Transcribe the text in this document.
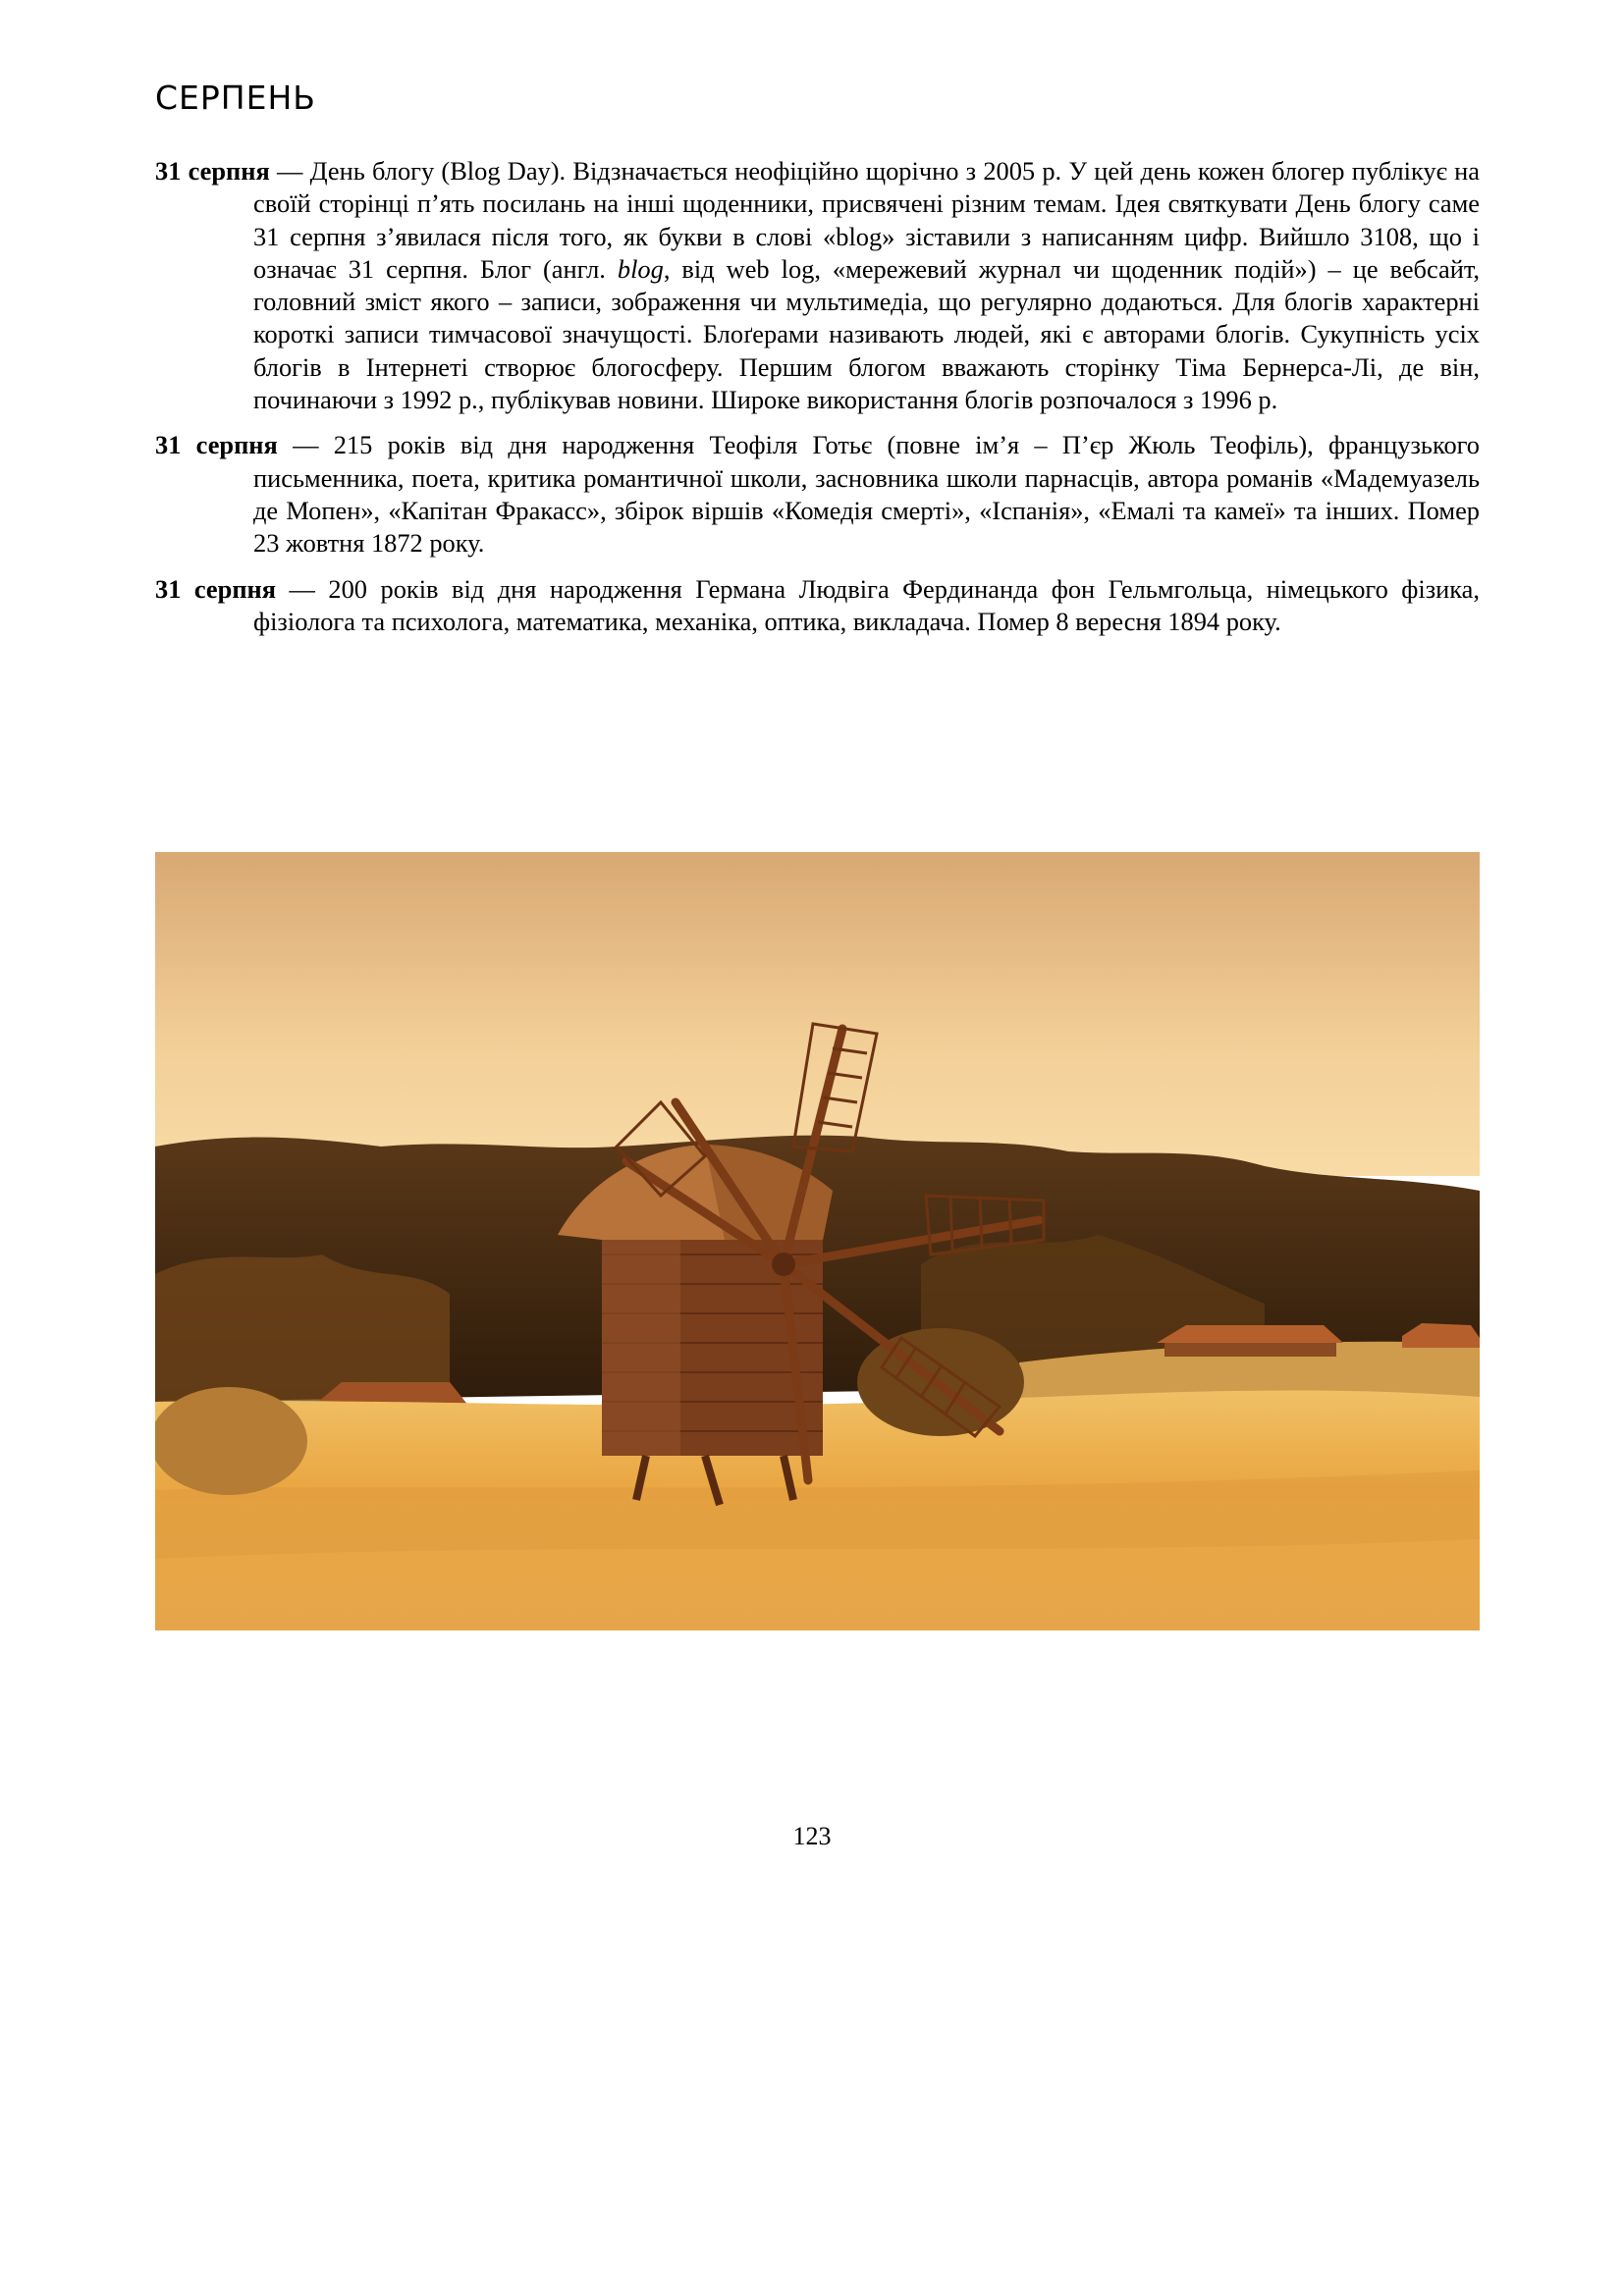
СЕРПЕНЬ

31 серпня — День блогу (Blog Day). Відзначається неофіційно щорічно з 2005 р. У цей день кожен блогер публікує на своїй сторінці п’ять посилань на інші щоденники, присвячені різним темам. Ідея святкувати День блогу саме 31 серпня з’явилася після того, як букви в слові «blog» зіставили з написанням цифр. Вийшло 3108, що і означає 31 серпня. Блог (англ. blog, від web log, «мережевий журнал чи щоденник подій») – це вебсайт, головний зміст якого – записи, зображення чи мультимедіа, що регулярно додаються. Для блогів характерні короткі записи тимчасової значущості. Блоґерами називають людей, які є авторами блогів. Сукупність усіх блогів в Інтернеті створює блогосферу. Першим блогом вважають сторінку Тіма Бернерса-Лі, де він, починаючи з 1992 р., публікував новини. Широке використання блогів розпочалося з 1996 р.

31 серпня — 215 років від дня народження Теофіля Готьє (повне ім’я – П’єр Жюль Теофіль), французького письменника, поета, критика романтичної школи, засновника школи парнасців, автора романів «Мадемуазель де Мопен», «Капітан Фракасс», збірок віршів «Комедія смерті», «Іспанія», «Емалі та камеї» та інших. Помер 23 жовтня 1872 року.

31 серпня — 200 років від дня народження Германа Людвіга Фердинанда фон Гельмгольца, німецького фізика, фізіолога та психолога, математика, механіка, оптика, викладача. Помер 8 вересня 1894 року.

123
